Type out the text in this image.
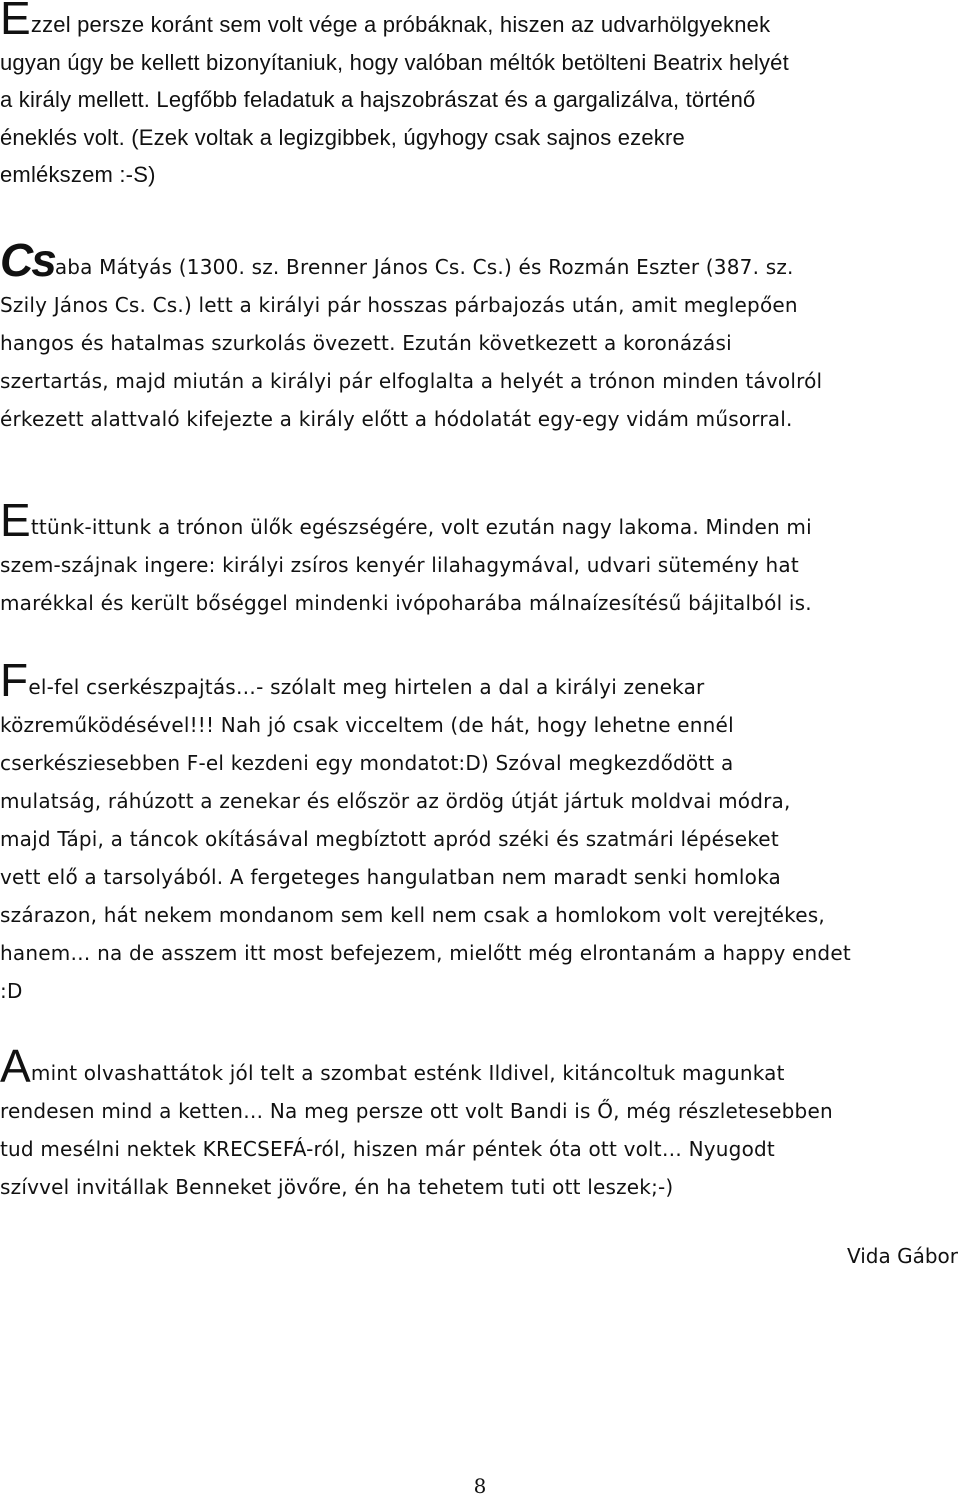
Ezzel persze koránt sem volt vége a próbáknak, hiszen az udvarhölgyeknek
ugyan úgy be kellett bizonyítaniuk, hogy valóban méltók betölteni Beatrix helyét
a király mellett. Legfőbb feladatuk a hajszobrászat és a gargalizálva, történő
éneklés volt. (Ezek voltak a legizgibbek, úgyhogy csak sajnos ezekre
emlékszem :-S)

Csaba Mátyás (1300. sz. Brenner János Cs. Cs.) és Rozmán Eszter (387. sz.
Szily János Cs. Cs.) lett a királyi pár hosszas párbajozás után, amit meglepően
hangos és hatalmas szurkolás övezett. Ezután következett a koronázási
szertartás, majd miután a királyi pár elfoglalta a helyét a trónon minden távolról
érkezett alattvaló kifejezte a király előtt a hódolatát egy-egy vidám műsorral.

Ettünk-ittunk a trónon ülők egészségére, volt ezután nagy lakoma. Minden mi
szem-szájnak ingere: királyi zsíros kenyér lilahagymával, udvari sütemény hat
marékkal és került bőséggel mindenki ivópoharába málnaízesítésű bájitalból is.

Fel-fel cserkészpajtás…- szólalt meg hirtelen a dal a királyi zenekar
közreműködésével!!! Nah jó csak vicceltem (de hát, hogy lehetne ennél
cserkésziesebben F-el kezdeni egy mondatot:D) Szóval megkezdődött a
mulatság, ráhúzott a zenekar és először az ördög útját jártuk moldvai módra,
majd Tápi, a táncok okításával megbíztott apród széki és szatmári lépéseket
vett elő a tarsolyából. A fergeteges hangulatban nem maradt senki homloka
szárazon, hát nekem mondanom sem kell nem csak a homlokom volt verejtékes,
hanem… na de asszem itt most befejezem, mielőtt még elrontanám a happy endet
:D

Amint olvashattátok jól telt a szombat esténk Ildivel, kitáncoltuk magunkat
rendesen mind a ketten… Na meg persze ott volt Bandi is Ő, még részletesebben
tud mesélni nektek KRECSEFÁ-ról, hiszen már péntek óta ott volt… Nyugodt
szívvel invitállak Benneket jövőre, én ha tehetem tuti ott leszek;-)

Vida Gábor

8
